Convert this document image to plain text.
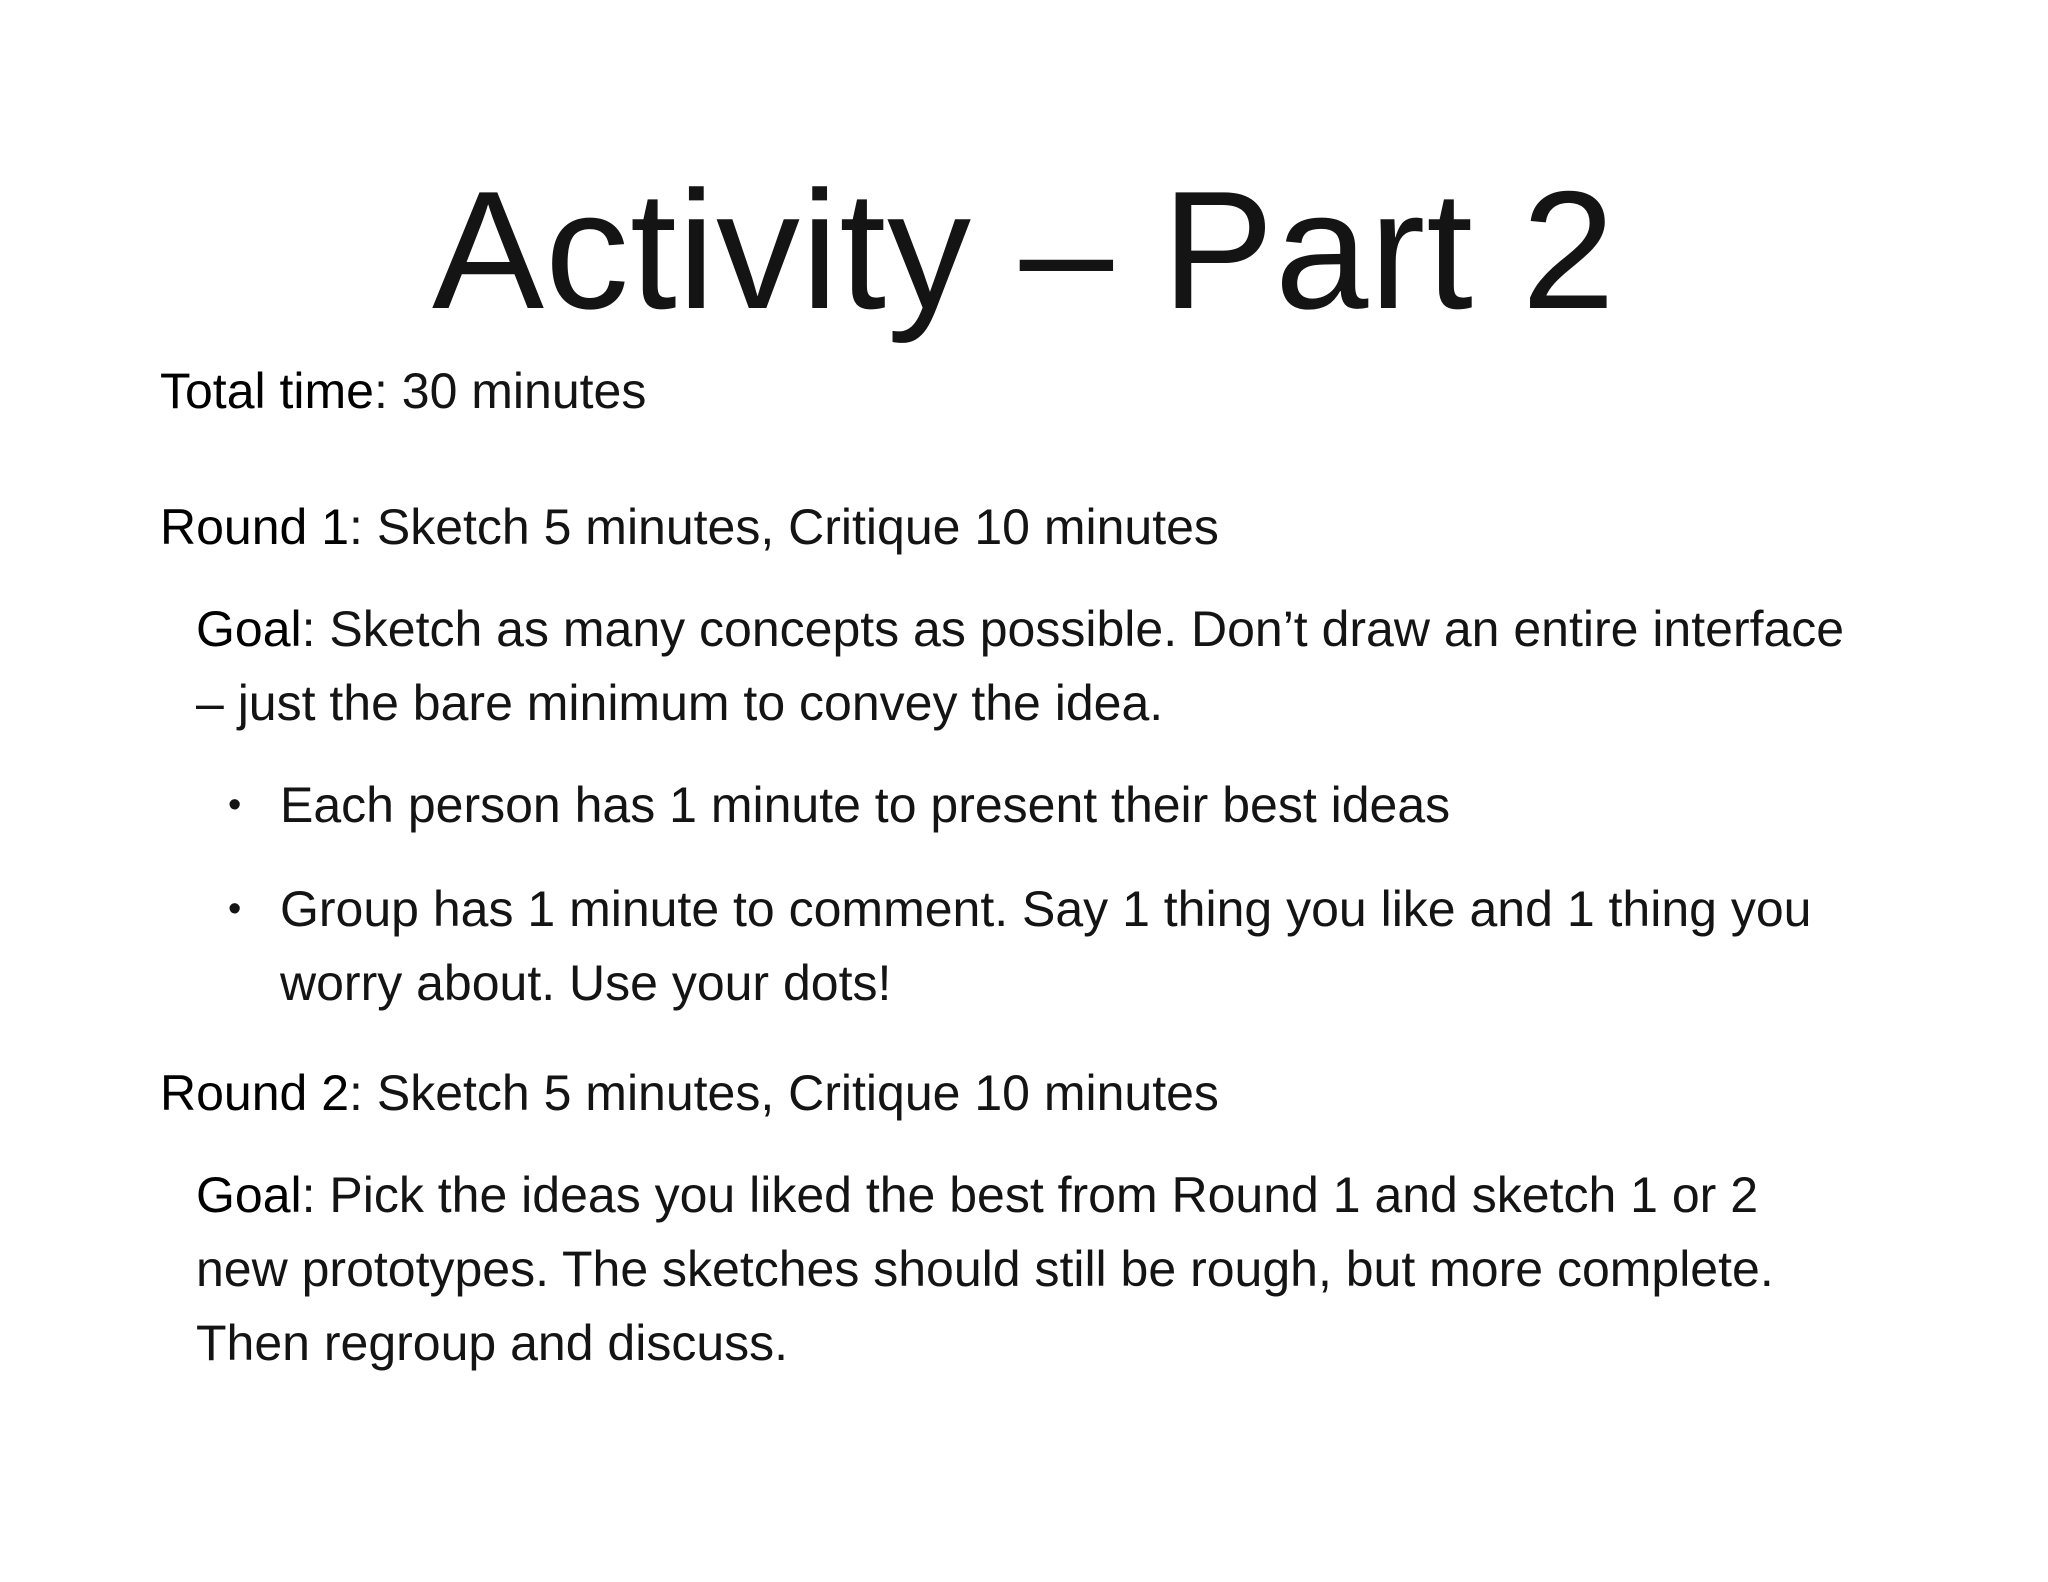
Activity – Part 2

Total time: 30 minutes

Round 1: Sketch 5 minutes, Critique 10 minutes

Goal: Sketch as many concepts as possible. Don’t draw an entire interface – just the bare minimum to convey the idea.

• Each person has 1 minute to present their best ideas
• Group has 1 minute to comment. Say 1 thing you like and 1 thing you worry about. Use your dots!

Round 2: Sketch 5 minutes, Critique 10 minutes

Goal: Pick the ideas you liked the best from Round 1 and sketch 1 or 2 new prototypes. The sketches should still be rough, but more complete. Then regroup and discuss.
